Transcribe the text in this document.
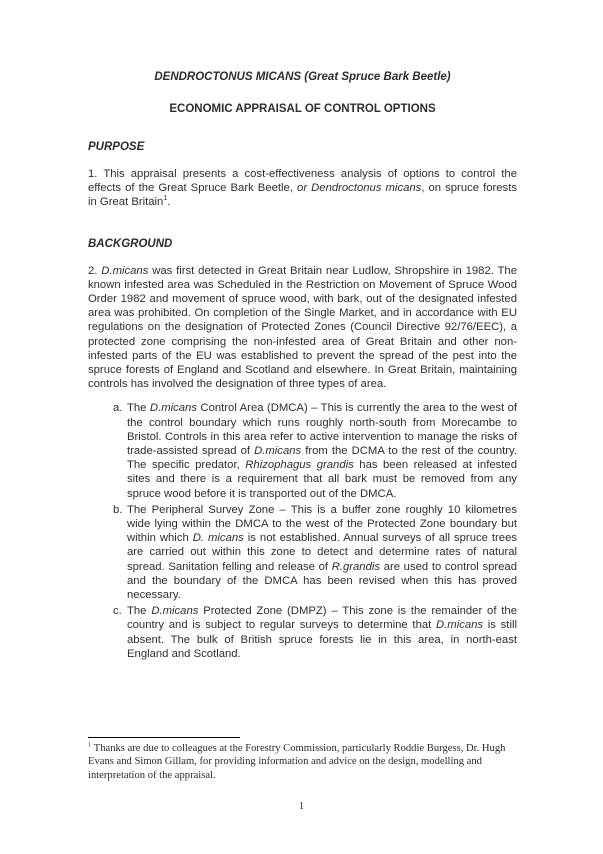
DENDROCTONUS MICANS (Great Spruce Bark Beetle)
ECONOMIC APPRAISAL OF CONTROL OPTIONS
PURPOSE
1. This appraisal presents a cost-effectiveness analysis of options to control the effects of the Great Spruce Bark Beetle, or Dendroctonus micans, on spruce forests in Great Britain$^1$.
BACKGROUND
2. D.micans was first detected in Great Britain near Ludlow, Shropshire in 1982. The known infested area was Scheduled in the Restriction on Movement of Spruce Wood Order 1982 and movement of spruce wood, with bark, out of the designated infested area was prohibited. On completion of the Single Market, and in accordance with EU regulations on the designation of Protected Zones (Council Directive 92/76/EEC), a protected zone comprising the non-infested area of Great Britain and other non-infested parts of the EU was established to prevent the spread of the pest into the spruce forests of England and Scotland and elsewhere. In Great Britain, maintaining controls has involved the designation of three types of area.
a. The D.micans Control Area (DMCA) – This is currently the area to the west of the control boundary which runs roughly north-south from Morecambe to Bristol. Controls in this area refer to active intervention to manage the risks of trade-assisted spread of D.micans from the DCMA to the rest of the country. The specific predator, Rhizophagus grandis has been released at infested sites and there is a requirement that all bark must be removed from any spruce wood before it is transported out of the DMCA.
b. The Peripheral Survey Zone – This is a buffer zone roughly 10 kilometres wide lying within the DMCA to the west of the Protected Zone boundary but within which D. micans is not established. Annual surveys of all spruce trees are carried out within this zone to detect and determine rates of natural spread. Sanitation felling and release of R.grandis are used to control spread and the boundary of the DMCA has been revised when this has proved necessary.
c. The D.micans Protected Zone (DMPZ) – This zone is the remainder of the country and is subject to regular surveys to determine that D.micans is still absent. The bulk of British spruce forests lie in this area, in north-east England and Scotland.
$^1$ Thanks are due to colleagues at the Forestry Commission, particularly Roddie Burgess, Dr. Hugh Evans and Simon Gillam, for providing information and advice on the design, modelling and interpretation of the appraisal.
1
